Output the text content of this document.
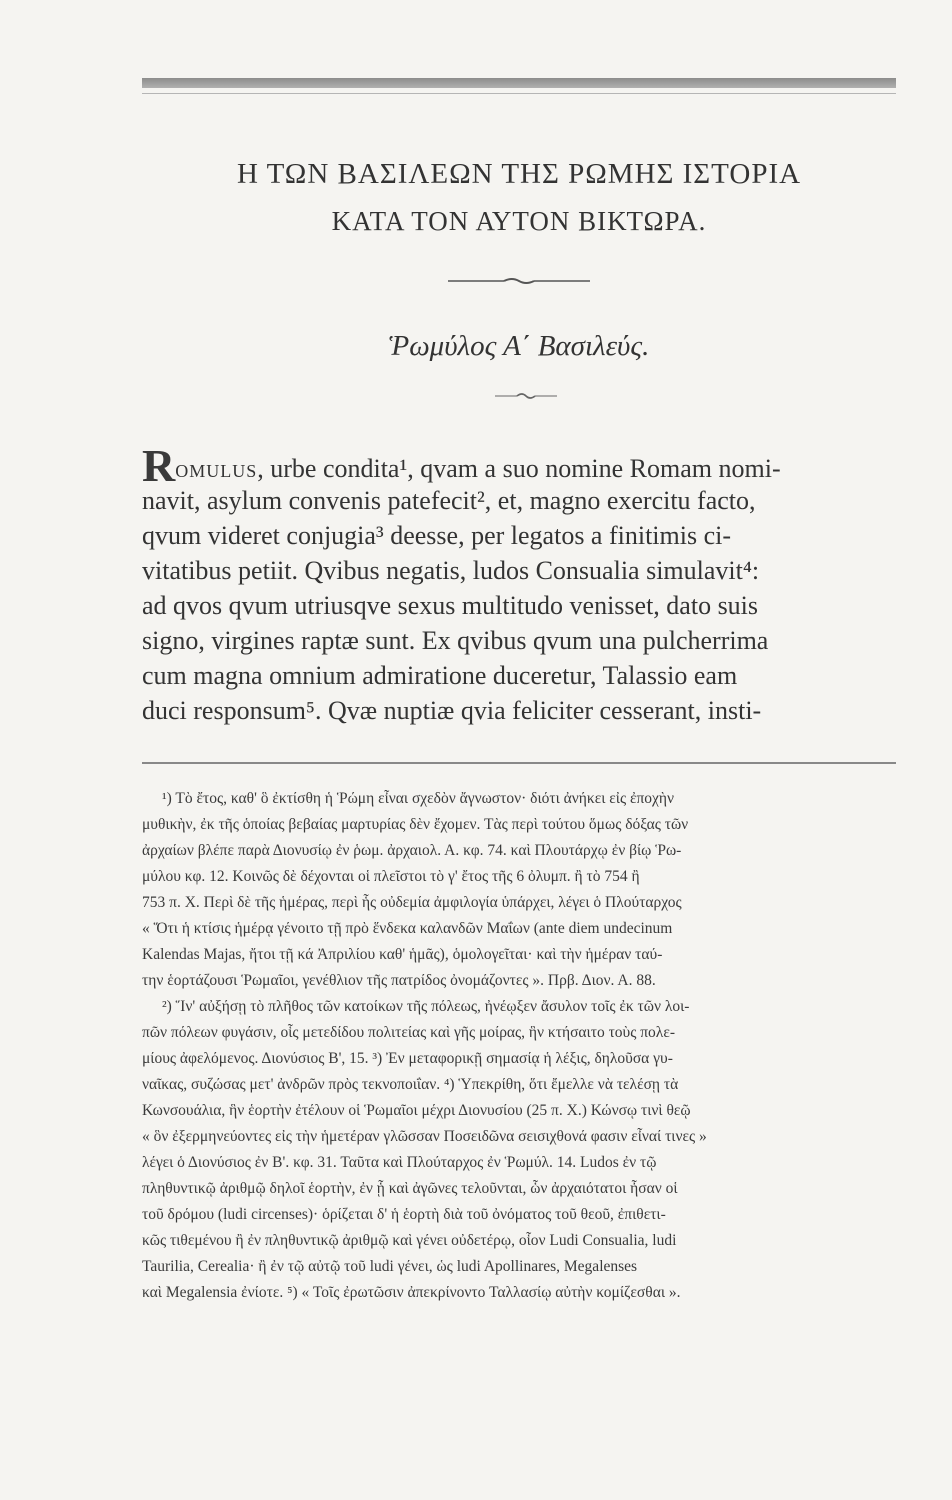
Η ΤΩΝ ΒΑΣΙΛΕΩΝ ΤΗΣ ΡΩΜΗΣ ΙΣΤΟΡΙΑ
ΚΑΤΑ ΤΟΝ ΑΥΤΟΝ ΒΙΚΤΩΡΑ.
Ῥωμύλος Α΄ Βασιλεύς.
Romulus, urbe condita¹, qvam a suo nomine Romam nomi-
navit, asylum convenis patefecit², et, magno exercitu facto,
qvum videret conjugia³ deesse, per legatos a finitimis ci-
vitatibus petiit. Qvibus negatis, ludos Consualia simulavit⁴:
ad qvos qvum utriusqve sexus multitudo venisset, dato suis
signo, virgines raptæ sunt. Ex qvibus qvum una pulcherrima
cum magna omnium admiratione duceretur, Talassio eam
duci responsum⁵. Qvæ nuptiæ qvia feliciter cesserant, insti-
¹) Τὸ ἔτος, καθ' ὃ ἐκτίσθη ἡ Ῥώμη εἶναι σχεδὸν ἄγνωστον· διότι ἀνήκει εἰς ἐποχὴν
μυθικὴν, ἐκ τῆς ὁποίας βεβαίας μαρτυρίας δὲν ἔχομεν. Τὰς περὶ τούτου ὅμως δόξας τῶν
ἀρχαίων βλέπε παρὰ Διονυσίῳ ἐν ῥωμ. ἀρχαιολ. Α. κφ. 74. καὶ Πλουτάρχῳ ἐν βίῳ Ῥω-
μύλου κφ. 12. Κοινῶς δὲ δέχονται οἱ πλεῖστοι τὸ γ' ἔτος τῆς 6 ὀλυμπ. ἢ τὸ 754 ἢ
753 π. Χ. Περὶ δὲ τῆς ἡμέρας, περὶ ἧς οὐδεμία ἀμφιλογία ὑπάρχει, λέγει ὁ Πλούταρχος
« Ὅτι ἡ κτίσις ἡμέρᾳ γένοιτο τῇ πρὸ ἕνδεκα καλανδῶν Μαΐων (ante diem undecinum
Kalendas Majas, ἤτοι τῇ κά Ἀπριλίου καθ' ἡμᾶς), ὁμολογεῖται· καὶ τὴν ἡμέραν ταύ-
την ἑορτάζουσι Ῥωμαῖοι, γενέθλιον τῆς πατρίδος ὀνομάζοντες ». Πρβ. Διον. Α. 88.
²) Ἵν' αὐξήσῃ τὸ πλῆθος τῶν κατοίκων τῆς πόλεως, ἠνέῳξεν ἄσυλον τοῖς ἐκ τῶν λοι-
πῶν πόλεων φυγάσιν, οἷς μετεδίδου πολιτείας καὶ γῆς μοίρας, ἣν κτήσαιτο τοὺς πολε-
μίους ἀφελόμενος. Διονύσιος Β', 15. ³) Ἐν μεταφορικῇ σημασίᾳ ἡ λέξις, δηλοῦσα γυ-
ναῖκας, συζώσας μετ' ἀνδρῶν πρὸς τεκνοποιΐαν. ⁴) Ὑπεκρίθη, ὅτι ἔμελλε νὰ τελέσῃ τὰ
Κωνσουάλια, ἣν ἑορτὴν ἐτέλουν οἱ Ῥωμαῖοι μέχρι Διονυσίου (25 π. Χ.) Κώνσῳ τινὶ θεῷ
« ὃν ἐξερμηνεύοντες εἰς τὴν ἡμετέραν γλῶσσαν Ποσειδῶνα σεισιχθονά φασιν εἶναί τινες »
λέγει ὁ Διονύσιος ἐν Β'. κφ. 31. Ταῦτα καὶ Πλούταρχος ἐν Ῥωμύλ. 14. Ludos ἐν τῷ
πληθυντικῷ ἀριθμῷ δηλοῖ ἑορτὴν, ἐν ᾗ καὶ ἀγῶνες τελοῦνται, ὧν ἀρχαιότατοι ἦσαν οἱ
τοῦ δρόμου (ludi circenses)· ὁρίζεται δ' ἡ ἑορτὴ διὰ τοῦ ὀνόματος τοῦ θεοῦ, ἐπιθετι-
κῶς τιθεμένου ἢ ἐν πληθυντικῷ ἀριθμῷ καὶ γένει οὐδετέρῳ, οἷον Ludi Consualia, ludi
Taurilia, Cerealia· ἢ ἐν τῷ αὐτῷ τοῦ ludi γένει, ὡς ludi Apollinares, Megalenses
καὶ Megalensia ἐνίοτε. ⁵) « Τοῖς ἐρωτῶσιν ἀπεκρίνοντο Ταλλασίῳ αὐτὴν κομίζεσθαι ».
